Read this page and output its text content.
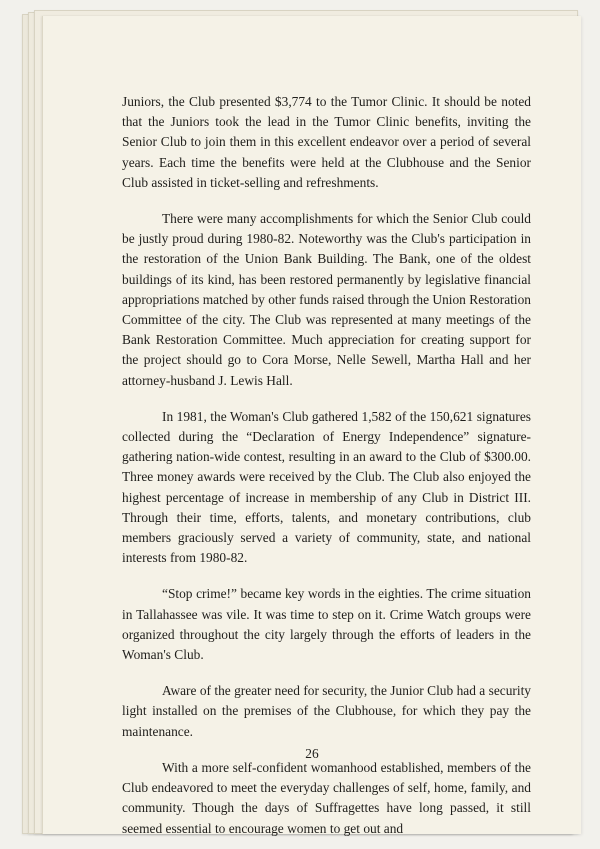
Juniors, the Club presented $3,774 to the Tumor Clinic. It should be noted that the Juniors took the lead in the Tumor Clinic benefits, inviting the Senior Club to join them in this excellent endeavor over a period of several years. Each time the benefits were held at the Clubhouse and the Senior Club assisted in ticket-selling and refreshments.

There were many accomplishments for which the Senior Club could be justly proud during 1980-82. Noteworthy was the Club's participation in the restoration of the Union Bank Building. The Bank, one of the oldest buildings of its kind, has been restored permanently by legislative financial appropriations matched by other funds raised through the Union Restoration Committee of the city. The Club was represented at many meetings of the Bank Restoration Committee. Much appreciation for creating support for the project should go to Cora Morse, Nelle Sewell, Martha Hall and her attorney-husband J. Lewis Hall.

In 1981, the Woman's Club gathered 1,582 of the 150,621 signatures collected during the “Declaration of Energy Independence” signature-gathering nation-wide contest, resulting in an award to the Club of $300.00. Three money awards were received by the Club. The Club also enjoyed the highest percentage of increase in membership of any Club in District III. Through their time, efforts, talents, and monetary contributions, club members graciously served a variety of community, state, and national interests from 1980-82.

“Stop crime!” became key words in the eighties. The crime situation in Tallahassee was vile. It was time to step on it. Crime Watch groups were organized throughout the city largely through the efforts of leaders in the Woman's Club.

Aware of the greater need for security, the Junior Club had a security light installed on the premises of the Clubhouse, for which they pay the maintenance.

With a more self-confident womanhood established, members of the Club endeavored to meet the everyday challenges of self, home, family, and community. Though the days of Suffragettes have long passed, it still seemed essential to encourage women to get out and

26
